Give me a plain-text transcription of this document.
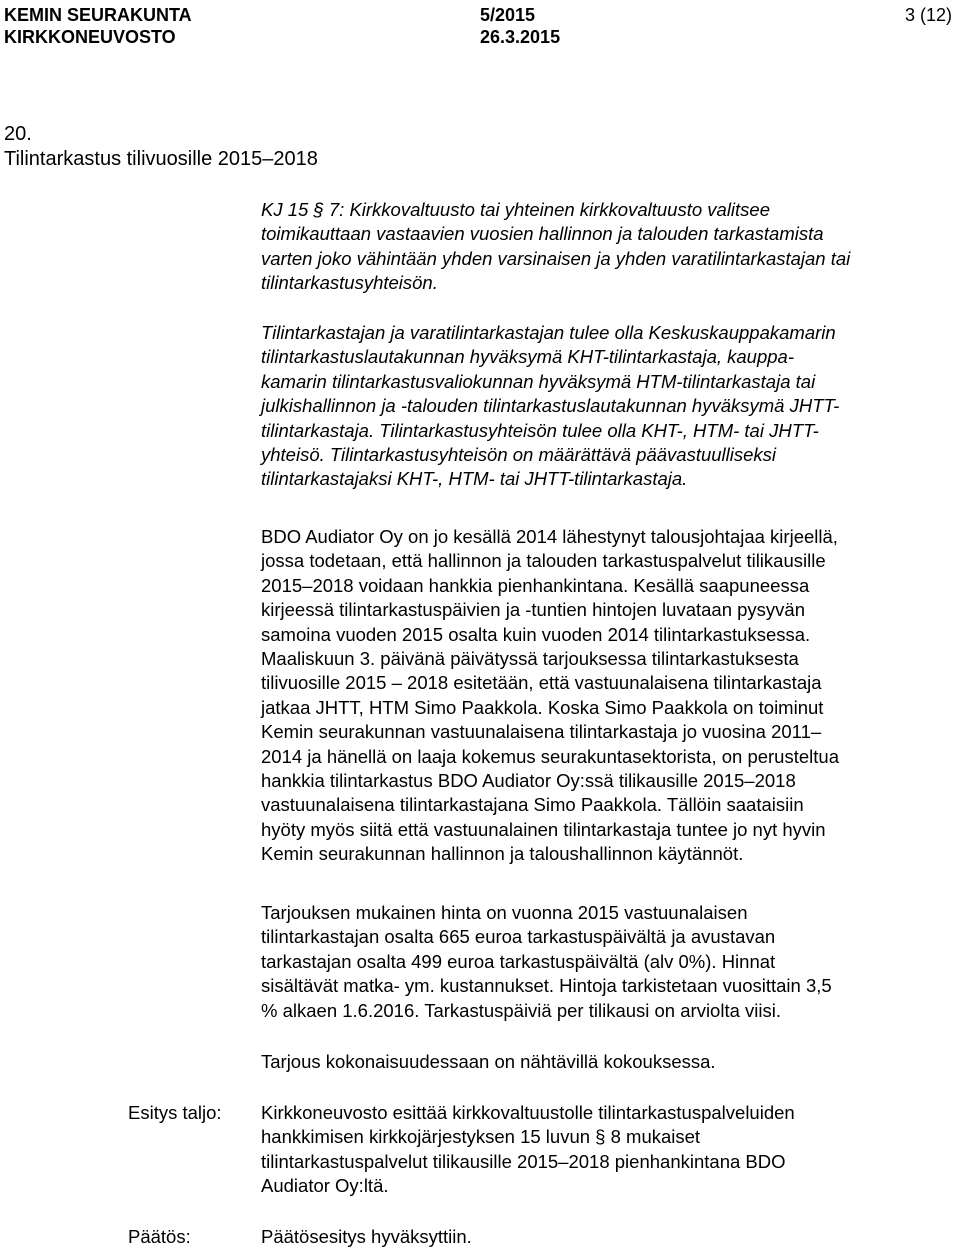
KEMIN SEURAKUNTA
KIRKKONEUVOSTO
5/2015
26.3.2015
3 (12)
20.
Tilintarkastus tilivuosille 2015–2018
KJ 15 § 7: Kirkkovaltuusto tai yhteinen kirkkovaltuusto valitsee
toimikauttaan vastaavien vuosien hallinnon ja talouden tarkastamista
varten joko vähintään yhden varsinaisen ja yhden varatilintarkastajan tai
tilintarkastusyhteisön.
Tilintarkastajan ja varatilintarkastajan tulee olla Keskuskauppakamarin
tilintarkastuslautakunnan hyväksymä KHT-tilintarkastaja, kauppa-
kamarin tilintarkastusvaliokunnan hyväksymä HTM-tilintarkastaja tai
julkishallinnon ja -talouden tilintarkastuslautakunnan hyväksymä JHTT-
tilintarkastaja. Tilintarkastusyhteisön tulee olla KHT-, HTM- tai JHTT-
yhteisö. Tilintarkastusyhteisön on määrättävä päävastuulliseksi
tilintarkastajaksi KHT-, HTM- tai JHTT-tilintarkastaja.
BDO Audiator Oy on jo kesällä 2014 lähestynyt talousjohtajaa kirjeellä,
jossa todetaan, että hallinnon ja talouden tarkastuspalvelut tilikausille
2015–2018 voidaan hankkia pienhankintana. Kesällä saapuneessa
kirjeessä tilintarkastuspäivien ja -tuntien hintojen luvataan pysyvän
samoina vuoden 2015 osalta kuin vuoden 2014 tilintarkastuksessa.
Maaliskuun 3. päivänä päivätyssä tarjouksessa tilintarkastuksesta
tilivuosille 2015 – 2018 esitetään, että vastuunalaisena tilintarkastaja
jatkaa JHTT, HTM Simo Paakkola. Koska Simo Paakkola on toiminut
Kemin seurakunnan vastuunalaisena tilintarkastaja jo vuosina 2011–
2014 ja hänellä on laaja kokemus seurakuntasektorista, on perusteltua
hankkia tilintarkastus BDO Audiator Oy:ssä tilikausille 2015–2018
vastuunalaisena tilintarkastajana Simo Paakkola. Tällöin saataisiin
hyöty myös siitä että vastuunalainen tilintarkastaja tuntee jo nyt hyvin
Kemin seurakunnan hallinnon ja taloushallinnon käytännöt.
Tarjouksen mukainen hinta on vuonna 2015 vastuunalaisen
tilintarkastajan osalta 665 euroa tarkastuspäivältä ja avustavan
tarkastajan osalta 499 euroa tarkastuspäivältä (alv 0%). Hinnat
sisältävät matka- ym. kustannukset. Hintoja tarkistetaan vuosittain 3,5
% alkaen 1.6.2016. Tarkastuspäiviä per tilikausi on arviolta viisi.
Tarjous kokonaisuudessaan on nähtävillä kokouksessa.
Esitys taljo: Kirkkoneuvosto esittää kirkkovaltuustolle tilintarkastuspalveluiden
hankkimisen kirkkojärjestyksen 15 luvun § 8 mukaiset
tilintarkastuspalvelut tilikausille 2015–2018 pienhankintana BDO
Audiator Oy:ltä.
Päätös:	Päätösesitys hyväksyttiin.
